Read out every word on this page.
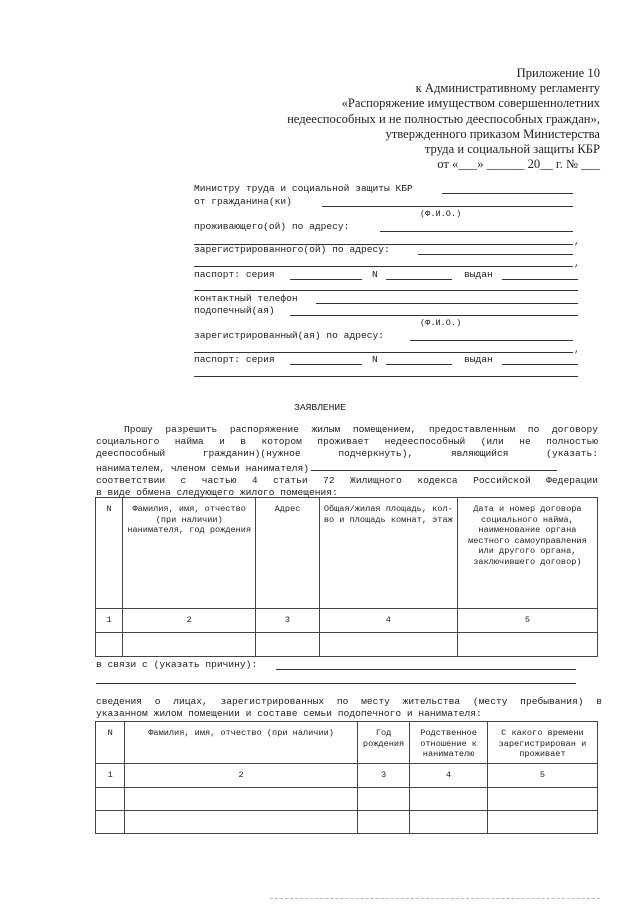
Приложение 10
к Административному регламенту
«Распоряжение имуществом совершеннолетних
недееспособных и не полностью дееспособных граждан»,
утвержденного приказом Министерства
труда и социальной защиты КБР
от «___» ______ 20__ г. № ___
Министру труда и социальной защиты КБР
от гражданина(ки)
(Ф.И.О.)
проживающего(ой) по адресу:
,
зарегистрированного(ой) по адресу:
,
паспорт: серия	N	выдан
контактный телефон
подопечный(ая)
(Ф.И.О.)
зарегистрированный(ая) по адресу:
,
паспорт: серия	N	выдан
ЗАЯВЛЕНИЕ
Прошу разрешить распоряжение жилым помещением, предоставленным по договору
социального найма и в котором проживает недееспособный (или не полностью
дееспособный гражданин)(нужное подчеркнуть), являющийся (указать:
нанимателем, членом семьи нанимателя)
соответствии с частью 4 статьи 72 Жилищного кодекса Российской Федерации
в виде обмена следующего жилого помещения:
N	Фамилия, имя, отчество (при наличии) нанимателя, год рождения	Адрес	Общая/жилая площадь, кол-во и площадь комнат, этаж	Дата и номер договора социального найма, наименование органа местного самоуправления или другого органа, заключившего договор)
1	2	3	4	5

в связи с (указать причину):
сведения о лицах, зарегистрированных по месту жительства (месту пребывания) в
указанном жилом помещении и составе семьи подопечного и нанимателя:
N	Фамилия, имя, отчество (при наличии)	Год рождения	Родственное отношение к нанимателю	С какого времени зарегистрирован и проживает
1	2	3	4	5
